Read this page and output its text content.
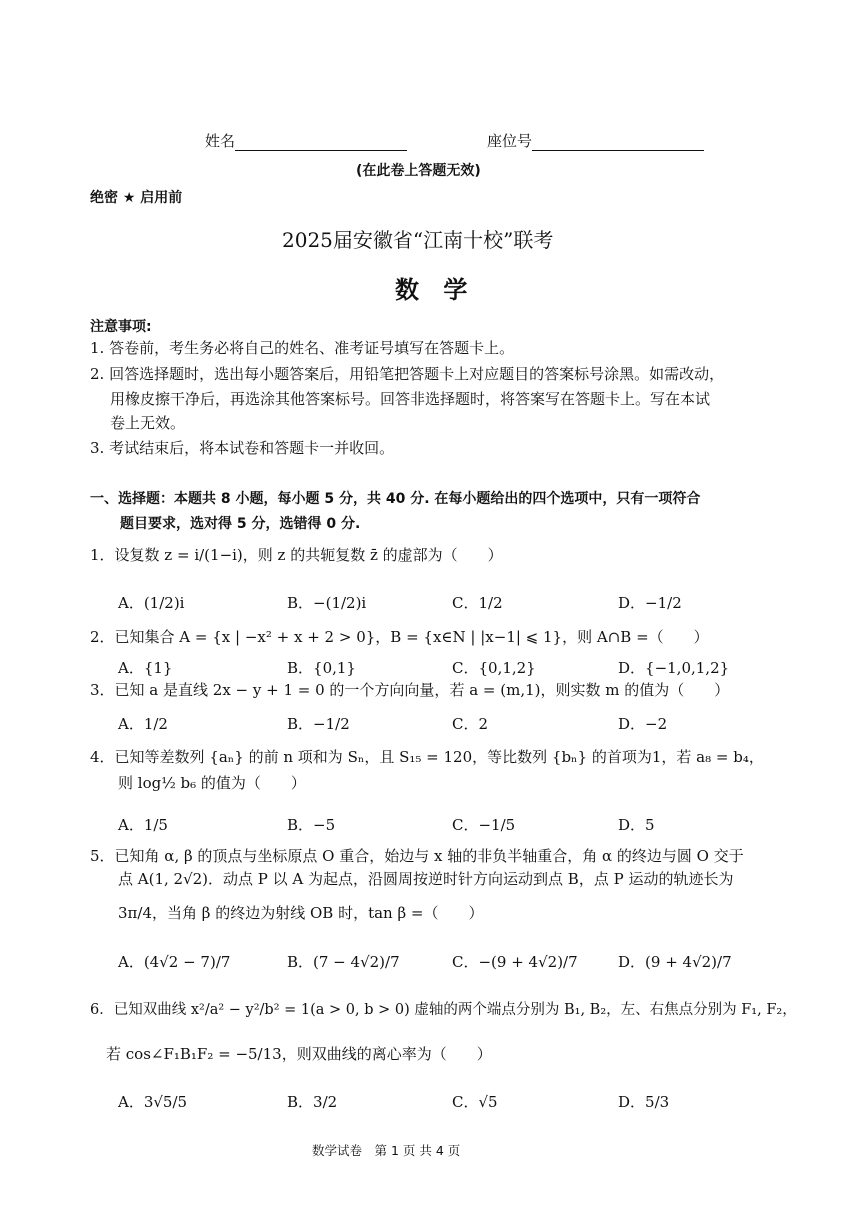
姓名	座位号
(在此卷上答题无效)
绝密 ★ 启用前
2025届安徽省“江南十校”联考
数 学
注意事项:
1. 答卷前，考生务必将自己的姓名、准考证号填写在答题卡上。
2. 回答选择题时，选出每小题答案后，用铅笔把答题卡上对应题目的答案标号涂黑。如需改动，
用橡皮擦干净后，再选涂其他答案标号。回答非选择题时，将答案写在答题卡上。写在本试
卷上无效。
3. 考试结束后，将本试卷和答题卡一并收回。
一、选择题：本题共 8 小题，每小题 5 分，共 40 分. 在每小题给出的四个选项中，只有一项符合
题目要求，选对得 5 分，选错得 0 分.
1．设复数 z = i/(1−i)，则 z 的共轭复数 z̄ 的虚部为（　　）
A．(1/2)i	B．−(1/2)i	C．1/2	D．−1/2
2．已知集合 A = {x | −x² + x + 2 > 0}，B = {x∈N | |x−1| ⩽ 1}，则 A∩B =（　　）
A．{1}	B．{0,1}	C．{0,1,2}	D．{−1,0,1,2}
3．已知 a 是直线 2x − y + 1 = 0 的一个方向向量，若 a = (m,1)，则实数 m 的值为（　　）
A．1/2	B．−1/2	C．2	D．−2
4．已知等差数列 {aₙ} 的前 n 项和为 Sₙ，且 S₁₅ = 120，等比数列 {bₙ} 的首项为1，若 a₈ = b₄，
则 log½ b₆ 的值为（　　）
A．1/5	B．−5	C．−1/5	D．5
5．已知角 α, β 的顶点与坐标原点 O 重合，始边与 x 轴的非负半轴重合，角 α 的终边与圆 O 交于
点 A(1, 2√2)．动点 P 以 A 为起点，沿圆周按逆时针方向运动到点 B，点 P 运动的轨迹长为
3π/4，当角 β 的终边为射线 OB 时，tan β =（　　）
A．(4√2 − 7)/7	B．(7 − 4√2)/7	C．−(9 + 4√2)/7	D．(9 + 4√2)/7
6．已知双曲线 x²/a² − y²/b² = 1(a > 0, b > 0) 虚轴的两个端点分别为 B₁, B₂，左、右焦点分别为 F₁, F₂，
若 cos∠F₁B₁F₂ = −5/13，则双曲线的离心率为（　　）
A．3√5/5	B．3/2	C．√5	D．5/3
数学试卷　第 1 页 共 4 页
